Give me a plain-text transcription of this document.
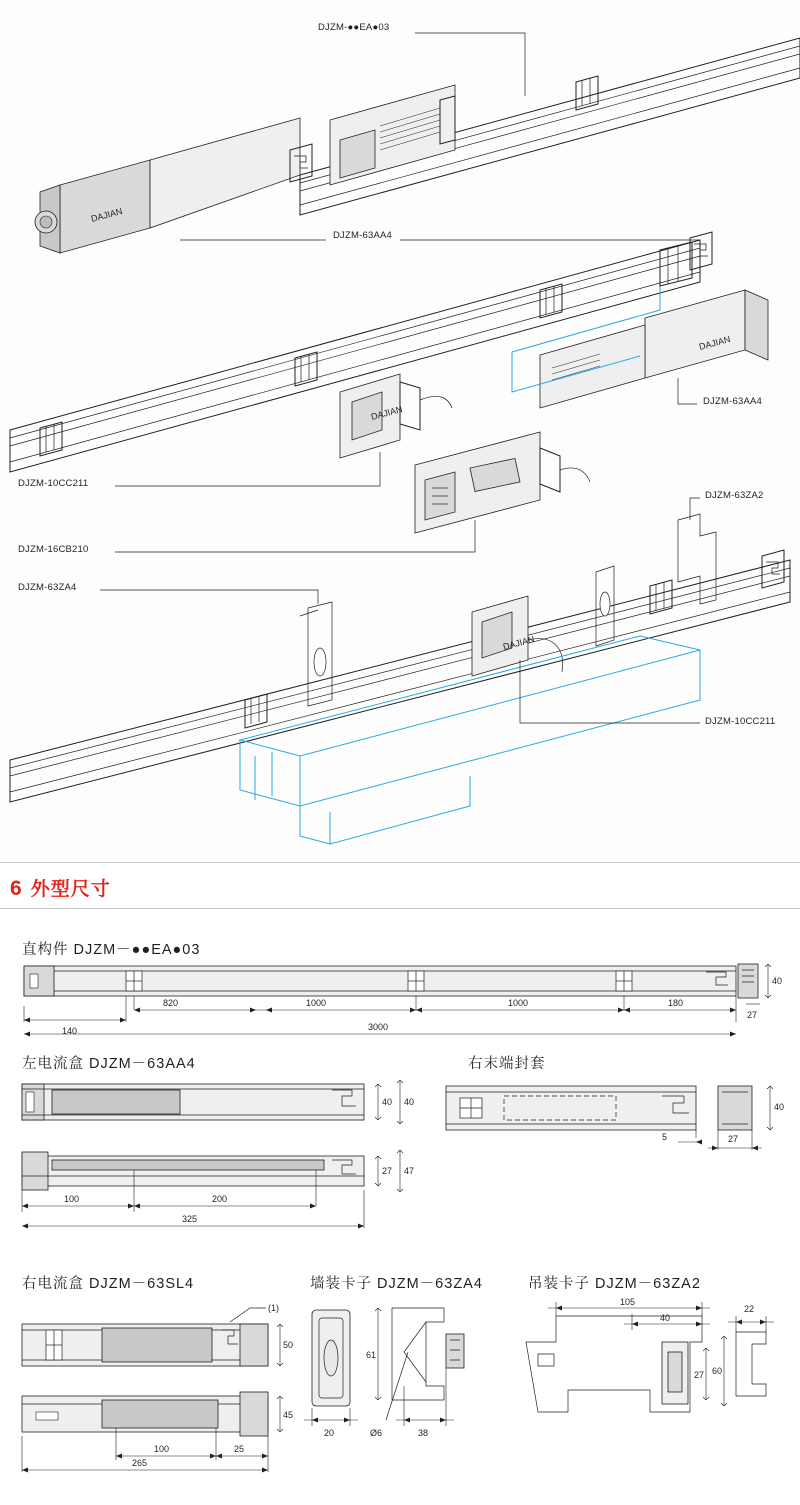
DAJIAN
DAJIAN
DAJIAN
DAJIAN
DJZM-●●EA●03
DJZM-63AA4
DJZM-63AA4
DJZM-10CC211
DJZM-16CB210
DJZM-63ZA4
DJZM-63ZA2
DJZM-10CC211
6 外型尺寸
直构件 DJZM－●●EA●03
40
27
140
820	1000	1000	180
3000
左电流盒 DJZM－63AA4
40 40
27 47
100	200
325
右末端封套
5	27
40
右电流盒 DJZM－63SL4	墙装卡子 DJZM－63ZA4	吊装卡子 DJZM－63ZA2
(1)
50
45
100	25
265
20
61
38
Ø6
105
40
27 60
22
